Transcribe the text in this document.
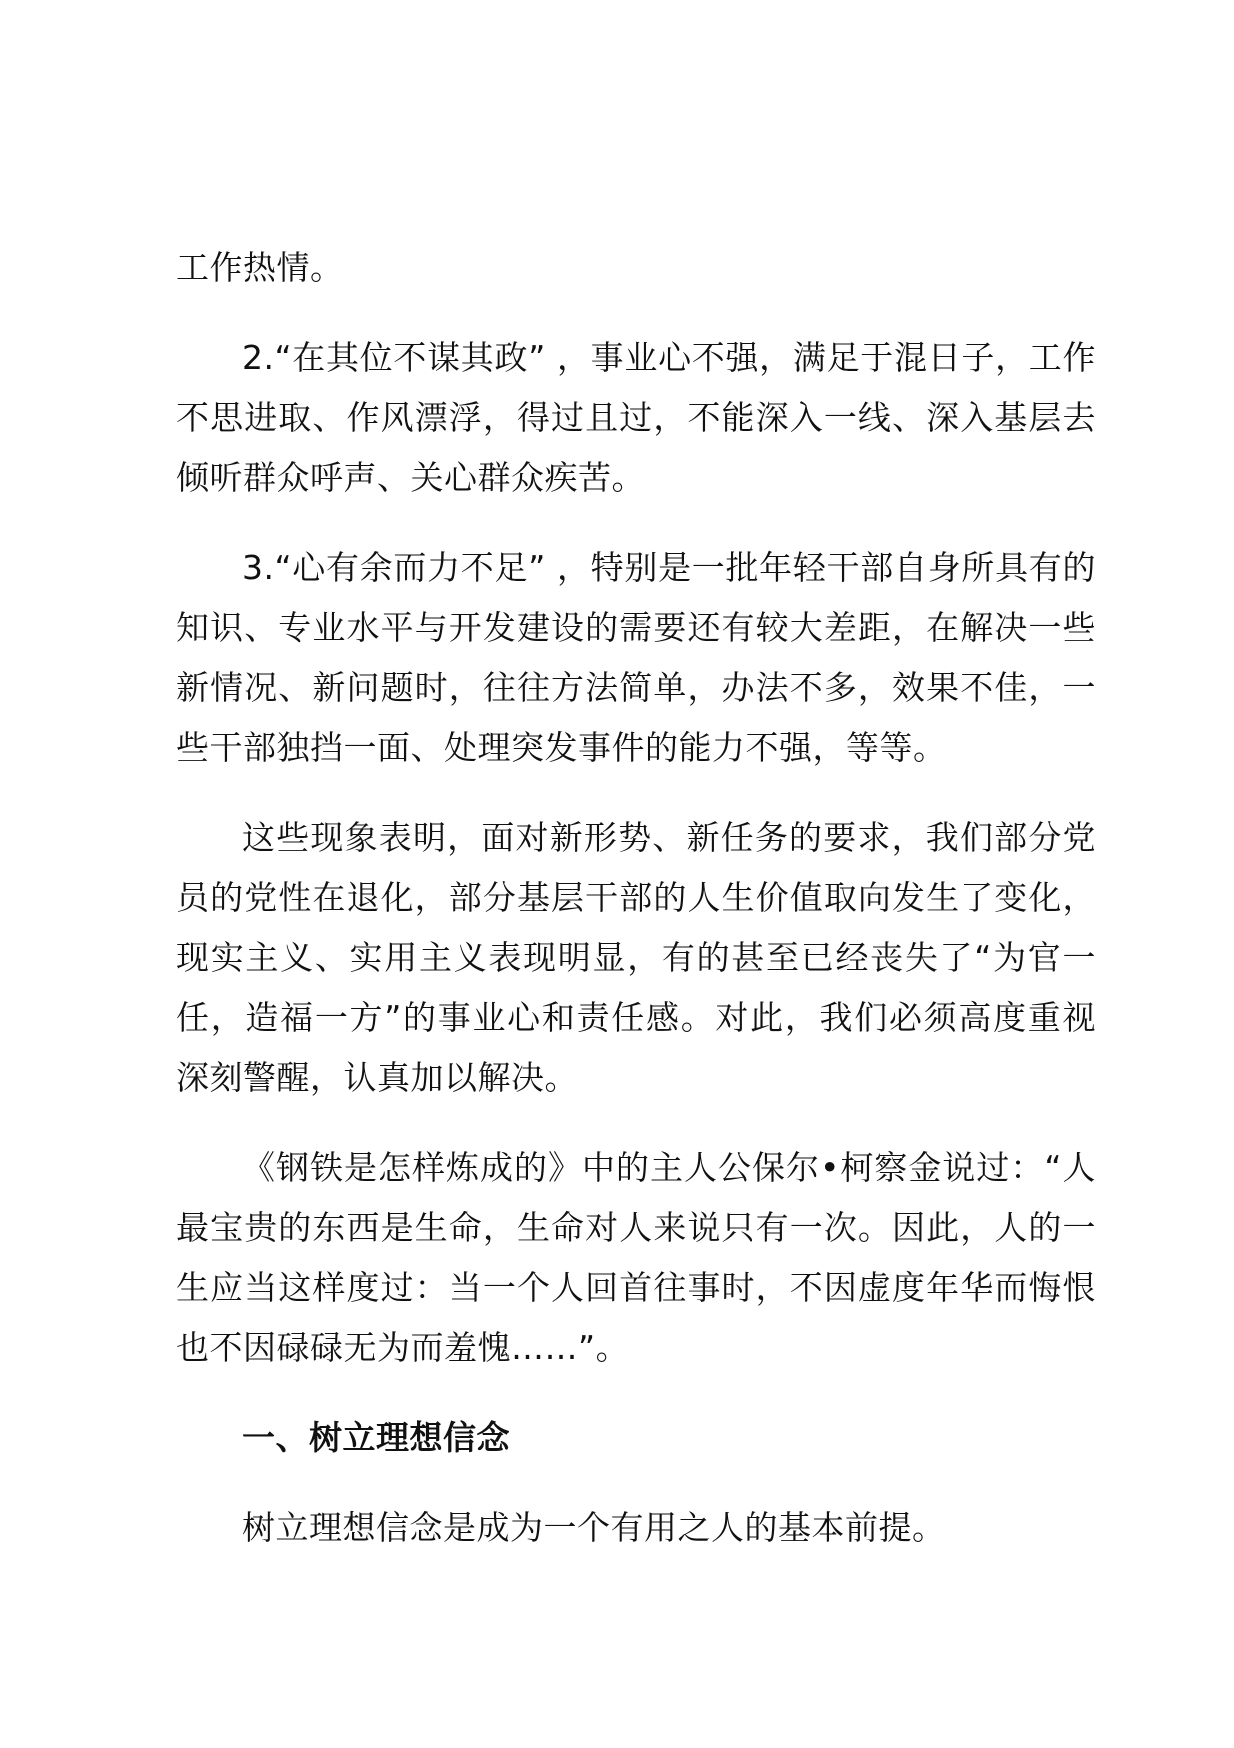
工作热情。

2.“在其位不谋其政” ，事业心不强，满足于混日子，工作不思进取、作风漂浮，得过且过，不能深入一线、深入基层去倾听群众呼声、关心群众疾苦。

3.“心有余而力不足” ，特别是一批年轻干部自身所具有的知识、专业水平与开发建设的需要还有较大差距，在解决一些新情况、新问题时，往往方法简单，办法不多，效果不佳，一些干部独挡一面、处理突发事件的能力不强，等等。

这些现象表明，面对新形势、新任务的要求，我们部分党员的党性在退化，部分基层干部的人生价值取向发生了变化，现实主义、实用主义表现明显，有的甚至已经丧失了“为官一任，造福一方”的事业心和责任感。对此，我们必须高度重视深刻警醒，认真加以解决。

《钢铁是怎样炼成的》中的主人公保尔•柯察金说过：“人最宝贵的东西是生命，生命对人来说只有一次。因此，人的一生应当这样度过：当一个人回首往事时，不因虚度年华而悔恨也不因碌碌无为而羞愧……”。

一、树立理想信念

树立理想信念是成为一个有用之人的基本前提。
